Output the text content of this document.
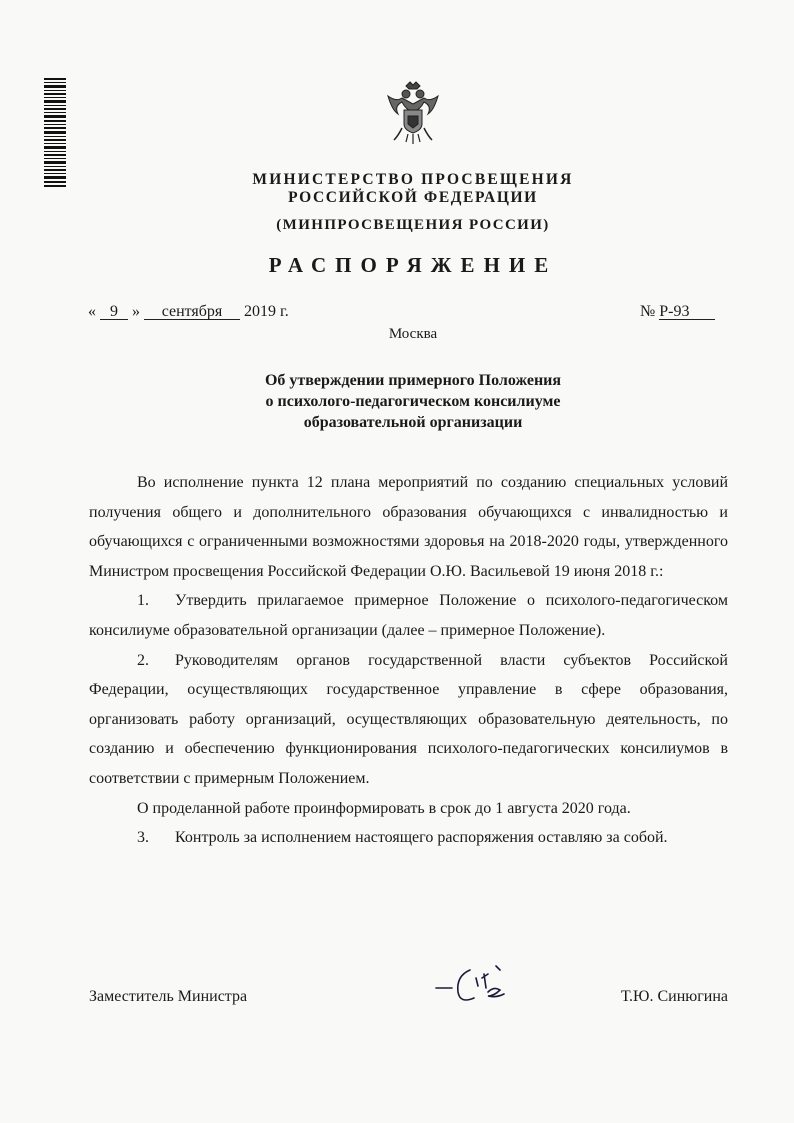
МИНИСТЕРСТВО ПРОСВЕЩЕНИЯ
РОССИЙСКОЙ ФЕДЕРАЦИИ
(МИНПРОСВЕЩЕНИЯ РОССИИ)
РАСПОРЯЖЕНИЕ
« 9 » сентября 2019 г.	№ Р-93
Москва
Об утверждении примерного Положения
о психолого-педагогическом консилиуме
образовательной организации

Во исполнение пункта 12 плана мероприятий по созданию специальных условий получения общего и дополнительного образования обучающихся с инвалидностью и обучающихся с ограниченными возможностями здоровья на 2018-2020 годы, утвержденного Министром просвещения Российской Федерации О.Ю. Васильевой 19 июня 2018 г.:

1. Утвердить прилагаемое примерное Положение о психолого-педагогическом консилиуме образовательной организации (далее – примерное Положение).

2. Руководителям органов государственной власти субъектов Российской Федерации, осуществляющих государственное управление в сфере образования, организовать работу организаций, осуществляющих образовательную деятельность, по созданию и обеспечению функционирования психолого-педагогических консилиумов в соответствии с примерным Положением.

О проделанной работе проинформировать в срок до 1 августа 2020 года.

3. Контроль за исполнением настоящего распоряжения оставляю за собой.

Заместитель Министра	Т.Ю. Синюгина
